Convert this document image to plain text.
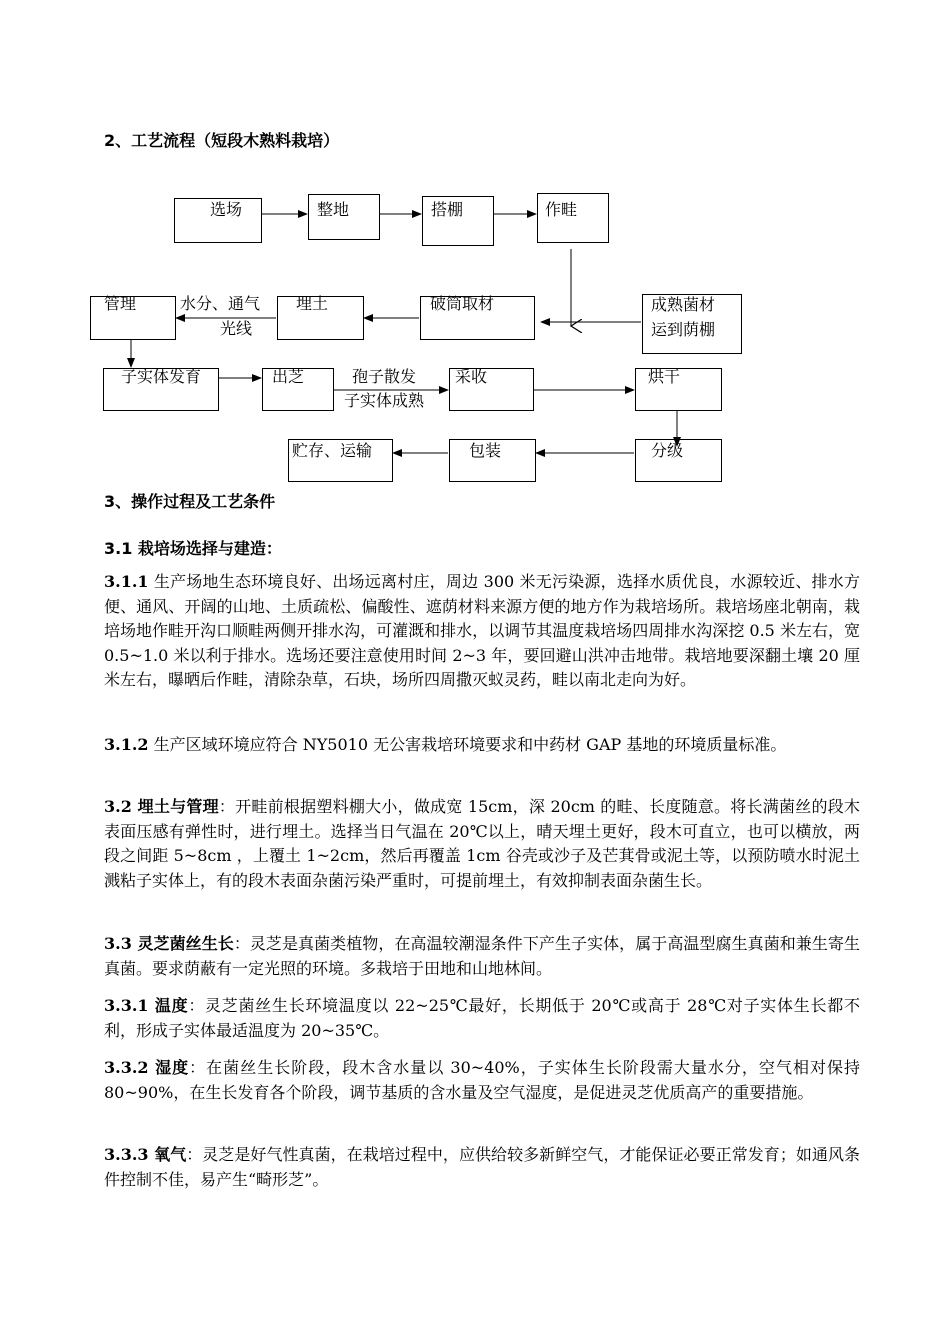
2、工艺流程（短段木熟料栽培）
选场	整地	搭棚	作畦
管理	水分、通气
光线
埋土	破筒取材	成熟菌材
运到荫棚
子实体发育	出芝	孢子散发
子实体成熟
采收	烘干
贮存、运输	包装	分级
3、操作过程及工艺条件
3.1 栽培场选择与建造：
3.1.1 生产场地生态环境良好、出场远离村庄，周边 300 米无污染源，选择水质优良，水源较近、排水方便、通风、开阔的山地、土质疏松、偏酸性、遮荫材料来源方便的地方作为栽培场所。栽培场座北朝南，栽培场地作畦开沟口顺畦两侧开排水沟，可灌溉和排水，以调节其温度栽培场四周排水沟深挖 0.5 米左右，宽 0.5~1.0 米以利于排水。选场还要注意使用时间 2~3 年，要回避山洪冲击地带。栽培地要深翻土壤 20 厘米左右，曝晒后作畦，清除杂草，石块，场所四周撒灭蚁灵药，畦以南北走向为好。
3.1.2 生产区域环境应符合 NY5010 无公害栽培环境要求和中药材 GAP 基地的环境质量标准。
3.2 埋土与管理：开畦前根据塑料棚大小，做成宽 15cm，深 20cm 的畦、长度随意。将长满菌丝的段木表面压感有弹性时，进行埋土。选择当日气温在 20℃以上，晴天埋土更好，段木可直立，也可以横放，两段之间距 5~8cm ，上覆土 1~2cm，然后再覆盖 1cm 谷壳或沙子及芒萁骨或泥土等，以预防喷水时泥土溅粘子实体上，有的段木表面杂菌污染严重时，可提前埋土，有效抑制表面杂菌生长。
3.3 灵芝菌丝生长：灵芝是真菌类植物，在高温较潮湿条件下产生子实体，属于高温型腐生真菌和兼生寄生真菌。要求荫蔽有一定光照的环境。多栽培于田地和山地林间。
3.3.1 温度：灵芝菌丝生长环境温度以 22~25℃最好，长期低于 20℃或高于 28℃对子实体生长都不利，形成子实体最适温度为 20~35℃。
3.3.2 湿度：在菌丝生长阶段，段木含水量以 30~40%，子实体生长阶段需大量水分，空气相对保持 80~90%，在生长发育各个阶段，调节基质的含水量及空气湿度，是促进灵芝优质高产的重要措施。
3.3.3 氧气：灵芝是好气性真菌，在栽培过程中，应供给较多新鲜空气，才能保证必要正常发育；如通风条件控制不佳，易产生“畸形芝”。
